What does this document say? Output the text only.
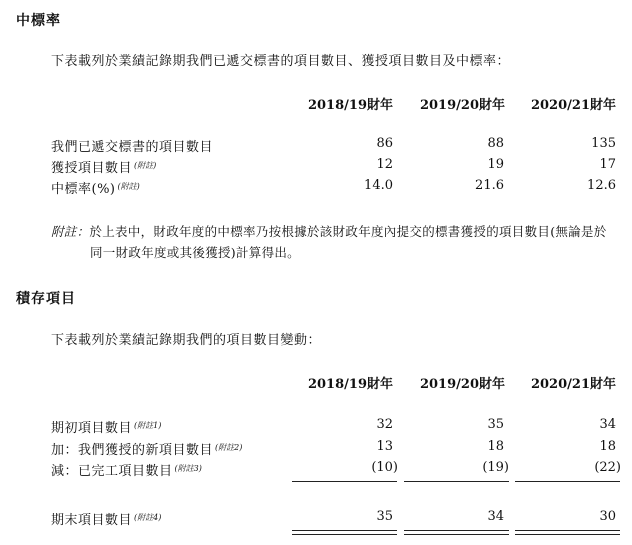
中標率
下表載列於業績記錄期我們已遞交標書的項目數目、獲授項目數目及中標率：
2018/19財年	2019/20財年	2020/21財年
我們已遞交標書的項目數目	86	88	135
獲授項目數目 $^{(附註)}$	12	19	17
中標率(%) $^{(附註)}$	14.0	21.6	12.6
附註：於上表中，財政年度的中標率乃按根據於該財政年度內提交的標書獲授的項目數目(無論是於
同一財政年度或其後獲授)計算得出。
積存項目
下表載列於業績記錄期我們的項目數目變動：
2018/19財年	2019/20財年	2020/21財年
期初項目數目 $^{(附註1)}$	32	35	34
加：我們獲授的新項目數目 $^{(附註2)}$	13	18	18
減：已完工項目數目 $^{(附註3)}$	(10)	(19)	(22)
期末項目數目 $^{(附註4)}$	35	34	30
